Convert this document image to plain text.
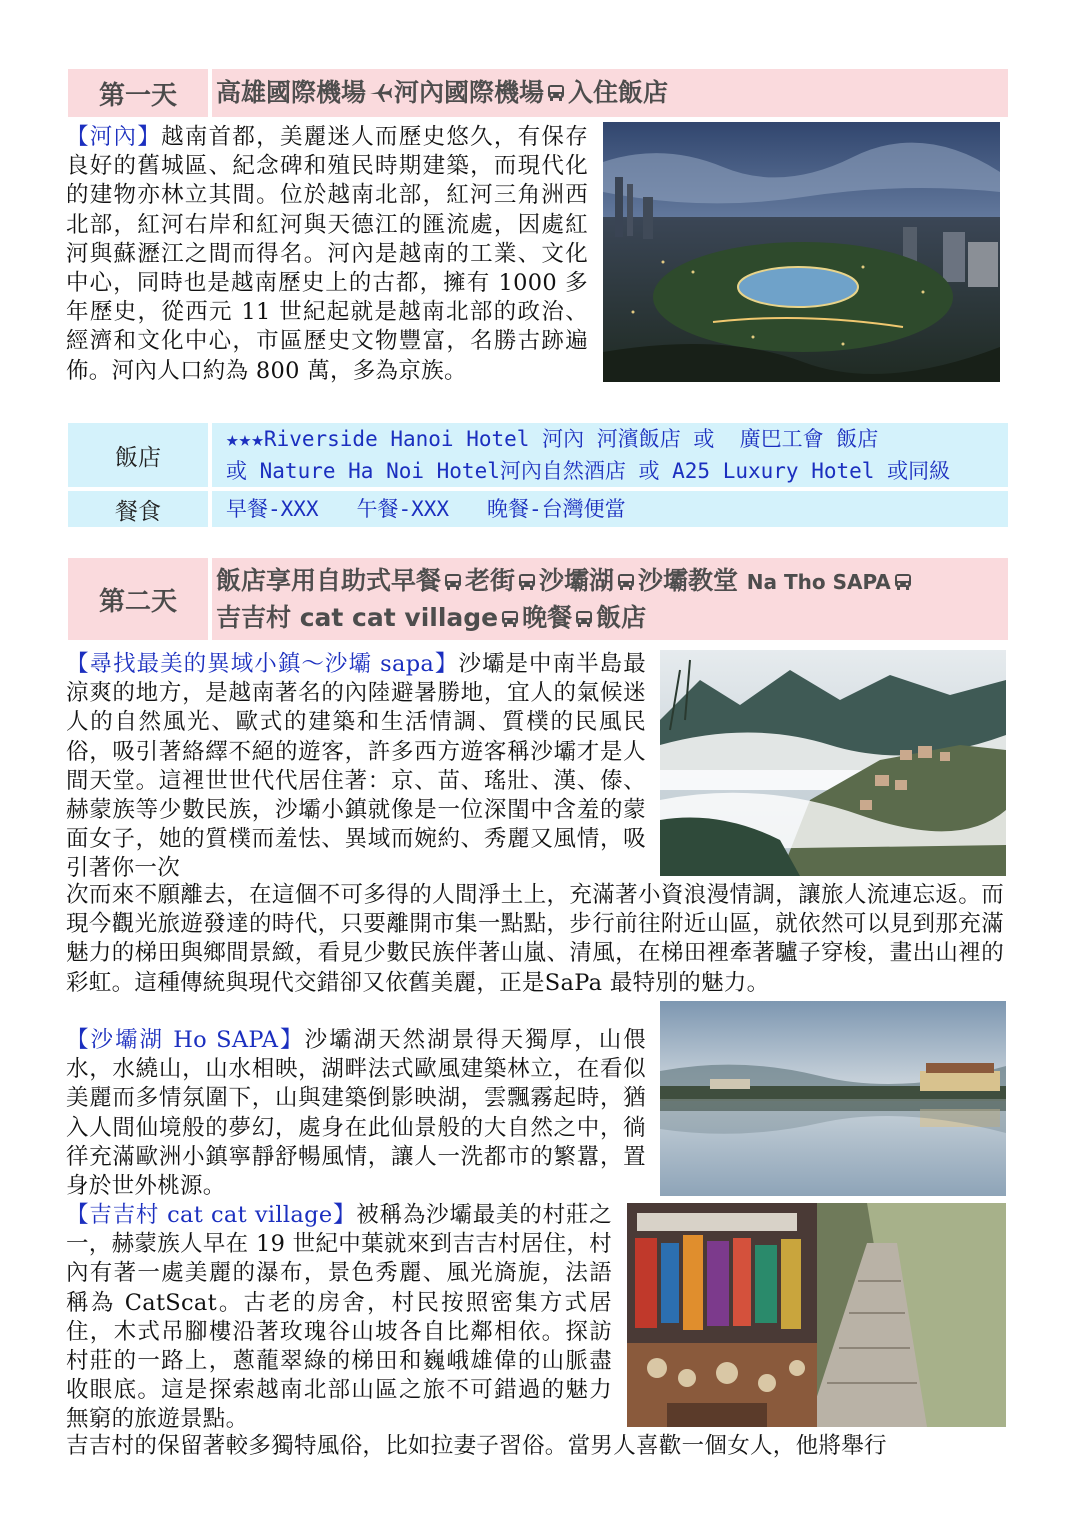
第一天	高雄國際機場 河內國際機場 入住飯店
【河內】越南首都，美麗迷人而歷史悠久，有保存良好的舊城區、紀念碑和殖民時期建築，而現代化的建物亦林立其間。位於越南北部，紅河三角洲西北部，紅河右岸和紅河與天德江的匯流處，因處紅河與蘇瀝江之間而得名。河內是越南的工業、文化中心，同時也是越南歷史上的古都，擁有 1000 多年歷史，從西元 11 世紀起就是越南北部的政治、經濟和文化中心，市區歷史文物豐富，名勝古跡遍佈。河內人口約為 800 萬，多為京族。
飯店
★★★Riverside Hanoi Hotel 河內 河濱飯店 或  廣巴工會 飯店
或 Nature Ha Noi Hotel河內自然酒店 或 A25 Luxury Hotel 或同級
餐食	早餐-XXX   午餐-XXX   晚餐-台灣便當
第二天
飯店享用自助式早餐 老街 沙壩湖 沙壩教堂 Na Tho SAPA
吉吉村 cat cat village 晚餐 飯店
【尋找最美的異域小鎮～沙壩 sapa】沙壩是中南半島最涼爽的地方，是越南著名的內陸避暑勝地，宜人的氣候迷人的自然風光、歐式的建築和生活情調、質樸的民風民俗，吸引著絡繹不絕的遊客，許多西方遊客稱沙壩才是人間天堂。這裡世世代代居住著：京、苗、瑤壯、漢、傣、赫蒙族等少數民族，沙壩小鎮就像是一位深閨中含羞的蒙面女子，她的質樸而羞怯、異域而婉約、秀麗又風情，吸引著你一次
次而來不願離去，在這個不可多得的人間淨土上，充滿著小資浪漫情調，讓旅人流連忘返。而現今觀光旅遊發達的時代，只要離開市集一點點，步行前往附近山區，就依然可以見到那充滿魅力的梯田與鄉間景緻，看見少數民族伴著山嵐、清風，在梯田裡牽著驢子穿梭，畫出山裡的彩虹。這種傳統與現代交錯卻又依舊美麗，正是SaPa 最特別的魅力。
【沙壩湖 Ho SAPA】沙壩湖天然湖景得天獨厚，山偎水，水繞山，山水相映，湖畔法式歐風建築林立，在看似美麗而多情氛圍下，山與建築倒影映湖，雲飄霧起時，猶入人間仙境般的夢幻，處身在此仙景般的大自然之中，徜徉充滿歐洲小鎮寧靜舒暢風情，讓人一洗都市的繁囂，置身於世外桃源。
【吉吉村 cat cat village】被稱為沙壩最美的村莊之一，赫蒙族人早在 19 世紀中葉就來到吉吉村居住，村內有著一處美麗的瀑布，景色秀麗、風光旖旎，法語稱為 CatScat。古老的房舍，村民按照密集方式居住，木式吊腳樓沿著玫瑰谷山坡各自比鄰相依。探訪村莊的一路上，蔥蘢翠綠的梯田和巍峨雄偉的山脈盡收眼底。這是探索越南北部山區之旅不可錯過的魅力無窮的旅遊景點。
吉吉村的保留著較多獨特風俗，比如拉妻子習俗。當男人喜歡一個女人，他將舉行
